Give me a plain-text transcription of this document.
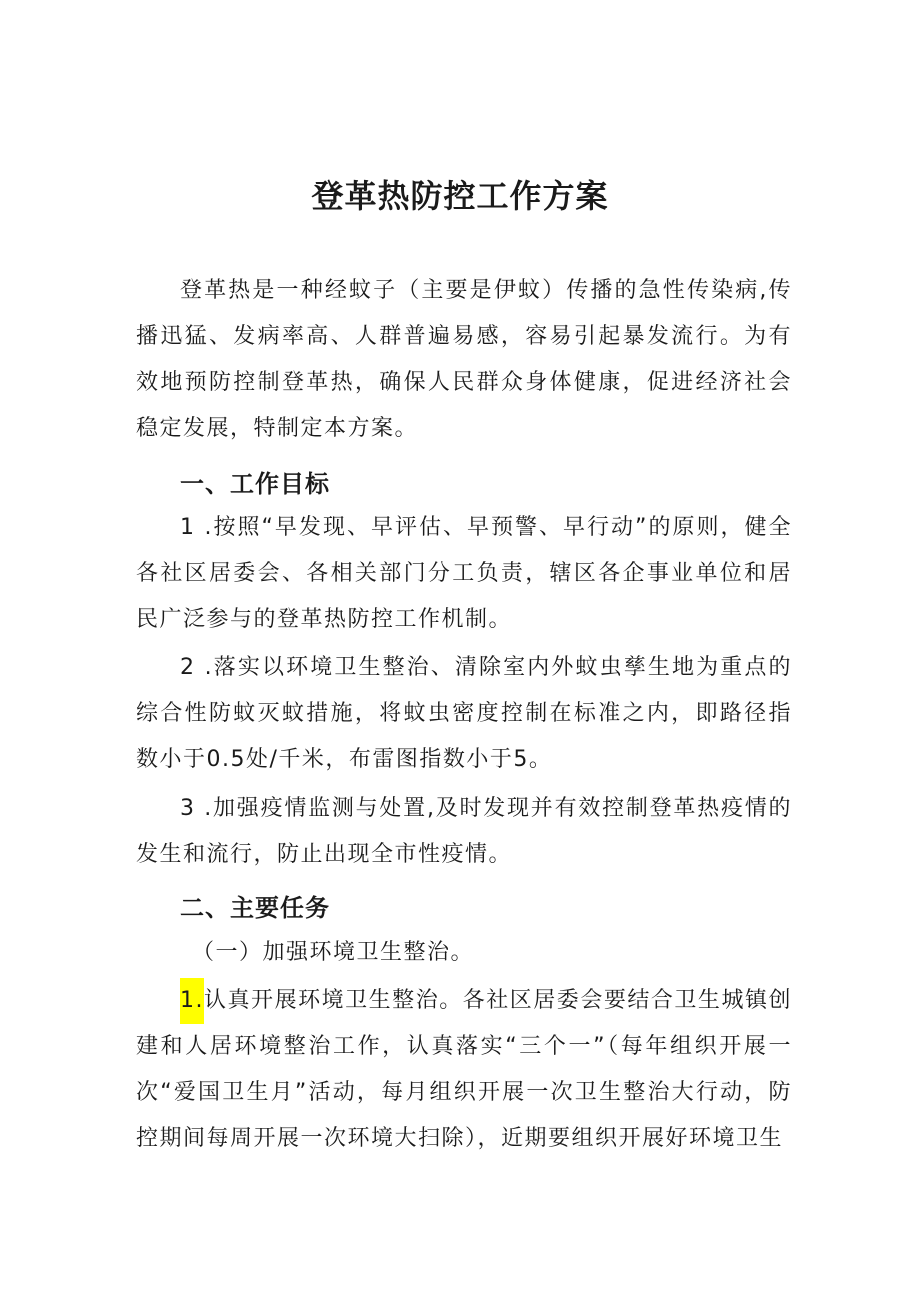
登革热防控工作方案
登革热是一种经蚊子（主要是伊蚊）传播的急性传染病,传播迅猛、发病率高、人群普遍易感，容易引起暴发流行。为有效地预防控制登革热，确保人民群众身体健康，促进经济社会稳定发展，特制定本方案。
一、工作目标
1 .按照“早发现、早评估、早预警、早行动”的原则，健全各社区居委会、各相关部门分工负责，辖区各企事业单位和居民广泛参与的登革热防控工作机制。
2 .落实以环境卫生整治、清除室内外蚊虫孳生地为重点的综合性防蚊灭蚊措施，将蚊虫密度控制在标准之内，即路径指数小于0.5处/千米，布雷图指数小于5。
3 .加强疫情监测与处置,及时发现并有效控制登革热疫情的发生和流行，防止出现全市性疫情。
二、主要任务
（一）加强环境卫生整治。
1.认真开展环境卫生整治。各社区居委会要结合卫生城镇创建和人居环境整治工作，认真落实“三个一”（每年组织开展一次“爱国卫生月”活动，每月组织开展一次卫生整治大行动，防控期间每周开展一次环境大扫除），近期要组织开展好环境卫生
